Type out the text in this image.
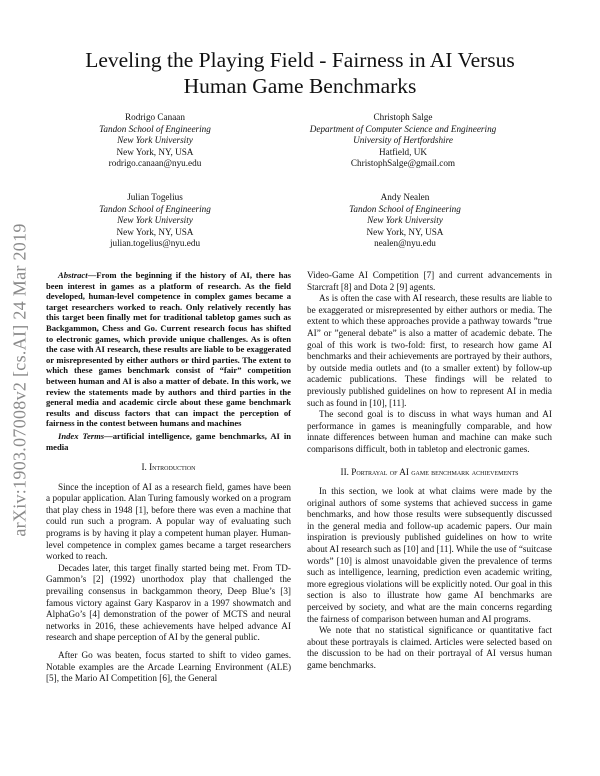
arXiv:1903.07008v2 [cs.AI] 24 Mar 2019
Leveling the Playing Field - Fairness in AI Versus
Human Game Benchmarks
Rodrigo Canaan
Tandon School of Engineering
New York University
New York, NY, USA
rodrigo.canaan@nyu.edu
Christoph Salge
Department of Computer Science and Engineering
University of Hertfordshire
Hatfield, UK
ChristophSalge@gmail.com
Julian Togelius
Tandon School of Engineering
New York University
New York, NY, USA
julian.togelius@nyu.edu
Andy Nealen
Tandon School of Engineering
New York University
New York, NY, USA
nealen@nyu.edu

Abstract—From the beginning if the history of AI, there has been interest in games as a platform of research. As the field developed, human-level competence in complex games became a target researchers worked to reach. Only relatively recently has this target been finally met for traditional tabletop games such as Backgammon, Chess and Go. Current research focus has shifted to electronic games, which provide unique challenges. As is often the case with AI research, these results are liable to be exaggerated or misrepresented by either authors or third parties. The extent to which these games benchmark consist of “fair” competition between human and AI is also a matter of debate. In this work, we review the statements made by authors and third parties in the general media and academic circle about these game benchmark results and discuss factors that can impact the perception of fairness in the contest between humans and machines

Index Terms—artificial intelligence, game benchmarks, AI in media

I. Introduction

Since the inception of AI as a research field, games have been a popular application. Alan Turing famously worked on a program that play chess in 1948 [1], before there was even a machine that could run such a program. A popular way of evaluating such programs is by having it play a competent human player. Human-level competence in complex games became a target researchers worked to reach.

Decades later, this target finally started being met. From TD-Gammon’s [2] (1992) unorthodox play that challenged the prevailing consensus in backgammon theory, Deep Blue’s [3] famous victory against Gary Kasparov in a 1997 showmatch and AlphaGo’s [4] demonstration of the power of MCTS and neural networks in 2016, these achievements have helped advance AI research and shape perception of AI by the general public.

After Go was beaten, focus started to shift to video games. Notable examples are the Arcade Learning Environment (ALE) [5], the Mario AI Competition [6], the General

Video-Game AI Competition [7] and current advancements in Starcraft [8] and Dota 2 [9] agents.

As is often the case with AI research, these results are liable to be exaggerated or misrepresented by either authors or media. The extent to which these approaches provide a pathway towards ”true AI” or ”general debate” is also a matter of academic debate. The goal of this work is two-fold: first, to research how game AI benchmarks and their achievements are portrayed by their authors, by outside media outlets and (to a smaller extent) by follow-up academic publications. These findings will be related to previously published guidelines on how to represent AI in media such as found in [10], [11].

The second goal is to discuss in what ways human and AI performance in games is meaningfully comparable, and how innate differences between human and machine can make such comparisons difficult, both in tabletop and electronic games.

II. Portrayal of AI game benchmark achievements

In this section, we look at what claims were made by the original authors of some systems that achieved success in game benchmarks, and how those results were subsequently discussed in the general media and follow-up academic papers. Our main inspiration is previously published guidelines on how to write about AI research such as [10] and [11]. While the use of “suitcase words” [10] is almost unavoidable given the prevalence of terms such as intelligence, learning, prediction even academic writing, more egregious violations will be explicitly noted. Our goal in this section is also to illustrate how game AI benchmarks are perceived by society, and what are the main concerns regarding the fairness of comparison between human and AI programs.

We note that no statistical significance or quantitative fact about these portrayals is claimed. Articles were selected based on the discussion to be had on their portrayal of AI versus human game benchmarks.
